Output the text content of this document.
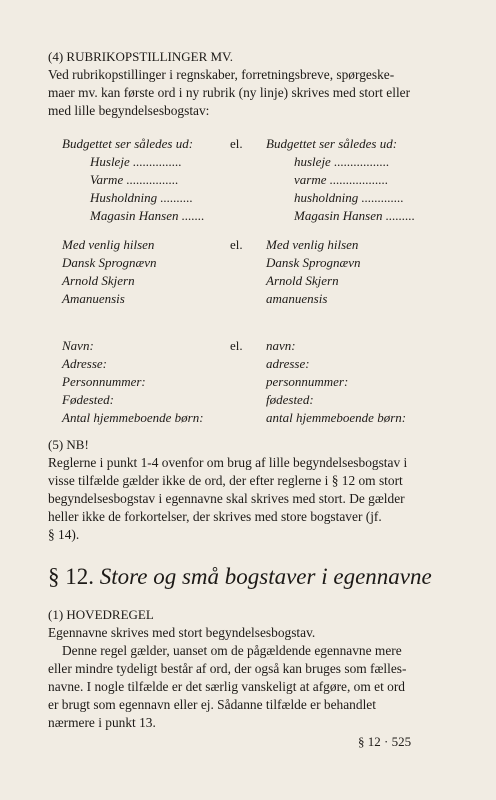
(4) RUBRIKOPSTILLINGER MV.
Ved rubrikopstillinger i regnskaber, forretningsbreve, spørgeske-
maer mv. kan første ord i ny rubrik (ny linje) skrives med stort eller
med lille begyndelsesbogstav:
Budgettet ser således ud:
Husleje ...............
Varme ................
Husholdning ..........
Magasin Hansen .......
el. Budgettet ser således ud:
husleje .................
varme ..................
husholdning .............
Magasin Hansen .........
Med venlig hilsen
Dansk Sprognævn
Arnold Skjern
Amanuensis
el. Med venlig hilsen
Dansk Sprognævn
Arnold Skjern
amanuensis
Navn:
Adresse:
Personnummer:
Fødested:
Antal hjemmeboende børn:
el. navn:
adresse:
personnummer:
fødested:
antal hjemmeboende børn:
(5) NB!
Reglerne i punkt 1-4 ovenfor om brug af lille begyndelsesbogstav i
visse tilfælde gælder ikke de ord, der efter reglerne i § 12 om stort
begyndelsesbogstav i egennavne skal skrives med stort. De gælder
heller ikke de forkortelser, der skrives med store bogstaver (jf.
§ 14).
§ 12. Store og små bogstaver i egennavne
(1) HOVEDREGEL
Egennavne skrives med stort begyndelsesbogstav.
Denne regel gælder, uanset om de pågældende egennavne mere
eller mindre tydeligt består af ord, der også kan bruges som fælles-
navne. I nogle tilfælde er det særlig vanskeligt at afgøre, om et ord
er brugt som egennavn eller ej. Sådanne tilfælde er behandlet
nærmere i punkt 13.
§ 12 · 525
